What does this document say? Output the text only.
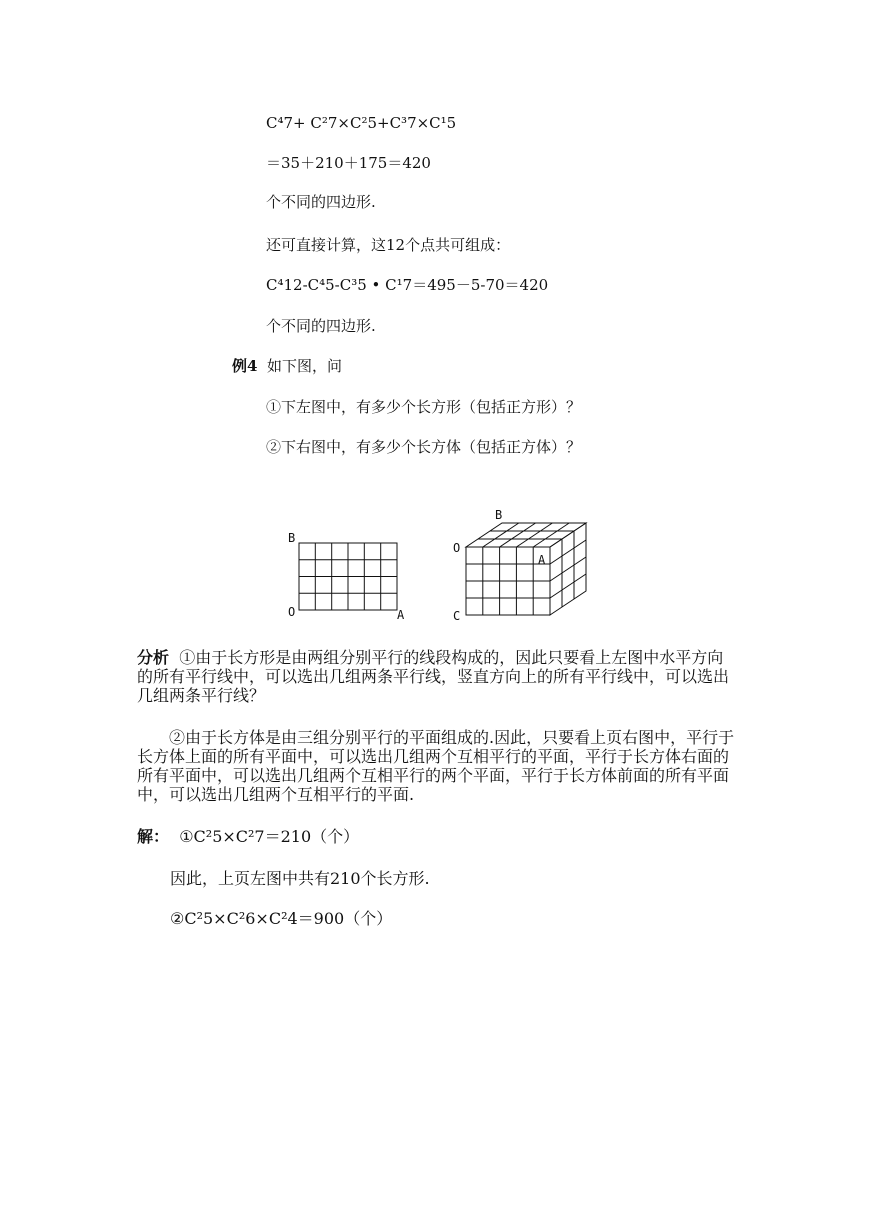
C⁴7+ C²7×C²5+C³7×C¹5
＝35＋210＋175＝420
个不同的四边形.
还可直接计算，这12个点共可组成：
C⁴12-C⁴5-C³5 • C¹7＝495－5-70＝420
个不同的四边形.
例4 如下图，问
①下左图中，有多少个长方形（包括正方形）？
②下右图中，有多少个长方体（包括正方体）？
B
O	A
B
O
A
C
分析 ①由于长方形是由两组分别平行的线段构成的，因此只要看上左图中水平方向的所有平行线中，可以选出几组两条平行线，竖直方向上的所有平行线中，可以选出几组两条平行线？
②由于长方体是由三组分别平行的平面组成的.因此，只要看上页右图中，平行于长方体上面的所有平面中，可以选出几组两个互相平行的平面，平行于长方体右面的所有平面中，可以选出几组两个互相平行的两个平面，平行于长方体前面的所有平面中，可以选出几组两个互相平行的平面.
解： ①C²5×C²7＝210（个）
因此，上页左图中共有210个长方形.
②C²5×C²6×C²4＝900（个）
